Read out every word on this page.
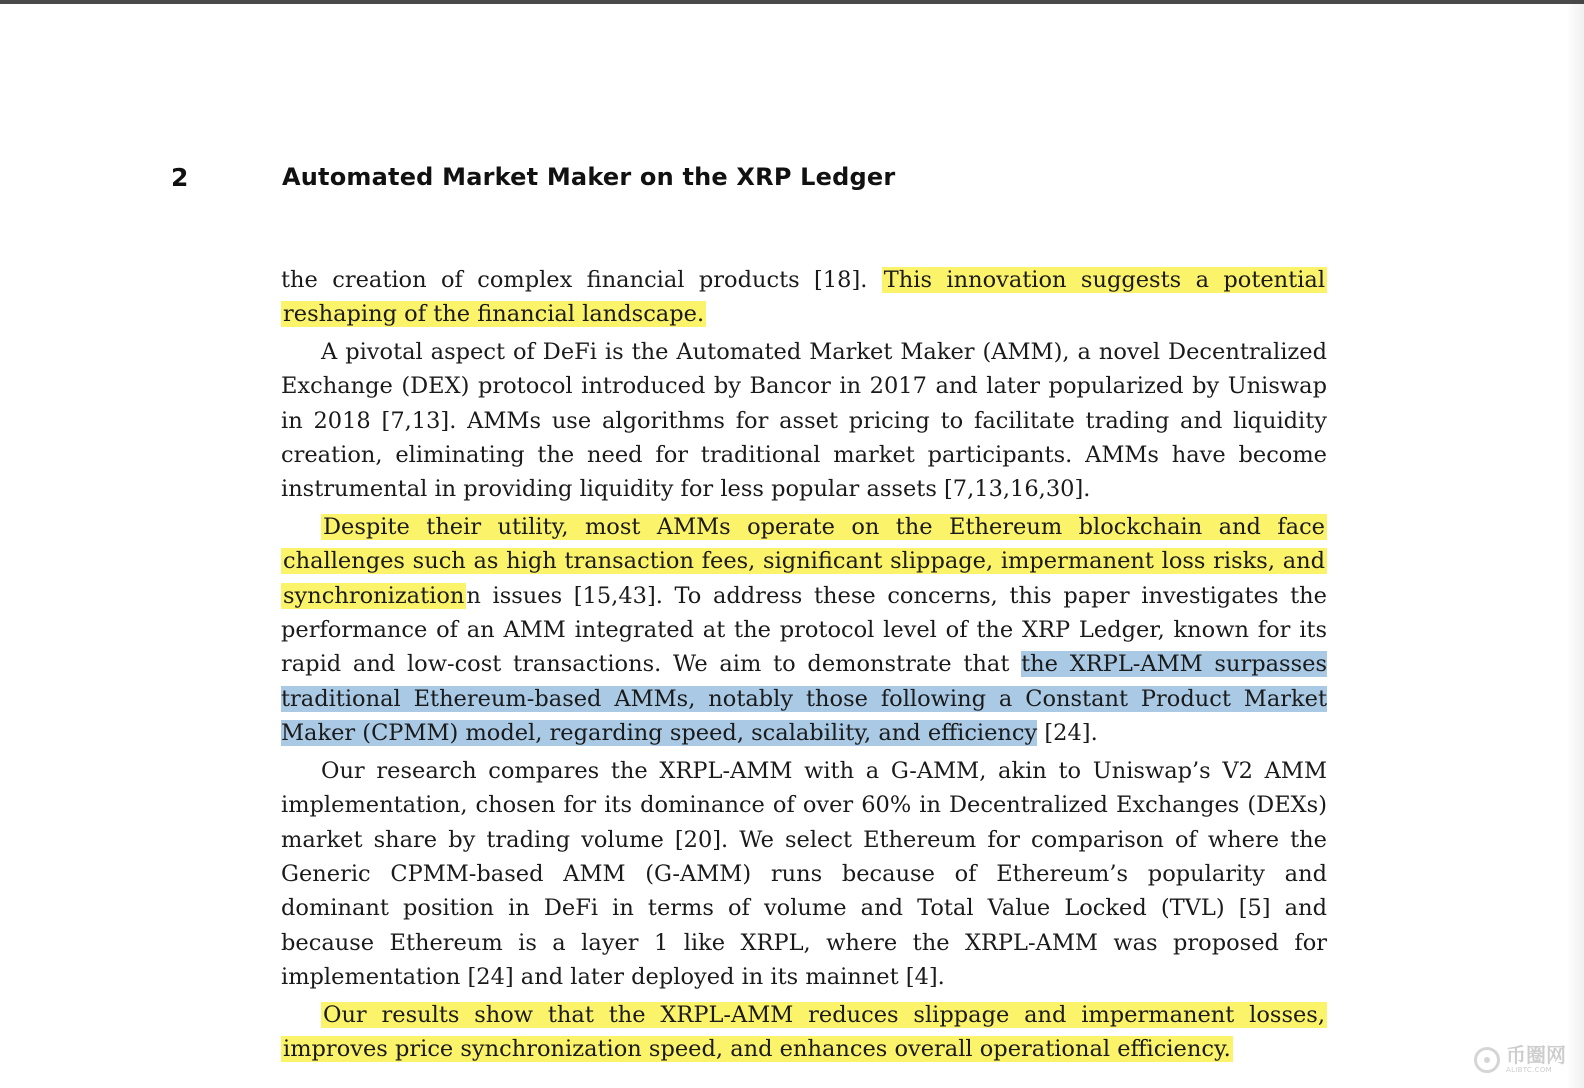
2	Automated Market Maker on the XRP Ledger

the creation of complex financial products [18]. This innovation suggests a potential reshaping of the financial landscape.

A pivotal aspect of DeFi is the Automated Market Maker (AMM), a novel Decentralized Exchange (DEX) protocol introduced by Bancor in 2017 and later popularized by Uniswap in 2018 [7,13]. AMMs use algorithms for asset pricing to facilitate trading and liquidity creation, eliminating the need for traditional market participants. AMMs have become instrumental in providing liquidity for less popular assets [7,13,16,30].

Despite their utility, most AMMs operate on the Ethereum blockchain and face challenges such as high transaction fees, significant slippage, impermanent loss risks, and synchronizationn issues [15,43]. To address these concerns, this paper investigates the performance of an AMM integrated at the protocol level of the XRP Ledger, known for its rapid and low-cost transactions. We aim to demonstrate that the XRPL-AMM surpasses traditional Ethereum-based AMMs, notably those following a Constant Product Market Maker (CPMM) model, regarding speed, scalability, and efficiency [24].

Our research compares the XRPL-AMM with a G-AMM, akin to Uniswap’s V2 AMM implementation, chosen for its dominance of over 60% in Decentralized Exchanges (DEXs) market share by trading volume [20]. We select Ethereum for comparison of where the Generic CPMM-based AMM (G-AMM) runs because of Ethereum’s popularity and dominant position in DeFi in terms of volume and Total Value Locked (TVL) [5] and because Ethereum is a layer 1 like XRPL, where the XRPL-AMM was proposed for implementation [24] and later deployed in its mainnet [4].

Our results show that the XRPL-AMM reduces slippage and impermanent losses, improves price synchronization speed, and enhances overall operational efficiency.	币圈网
ALIBTC.COM
